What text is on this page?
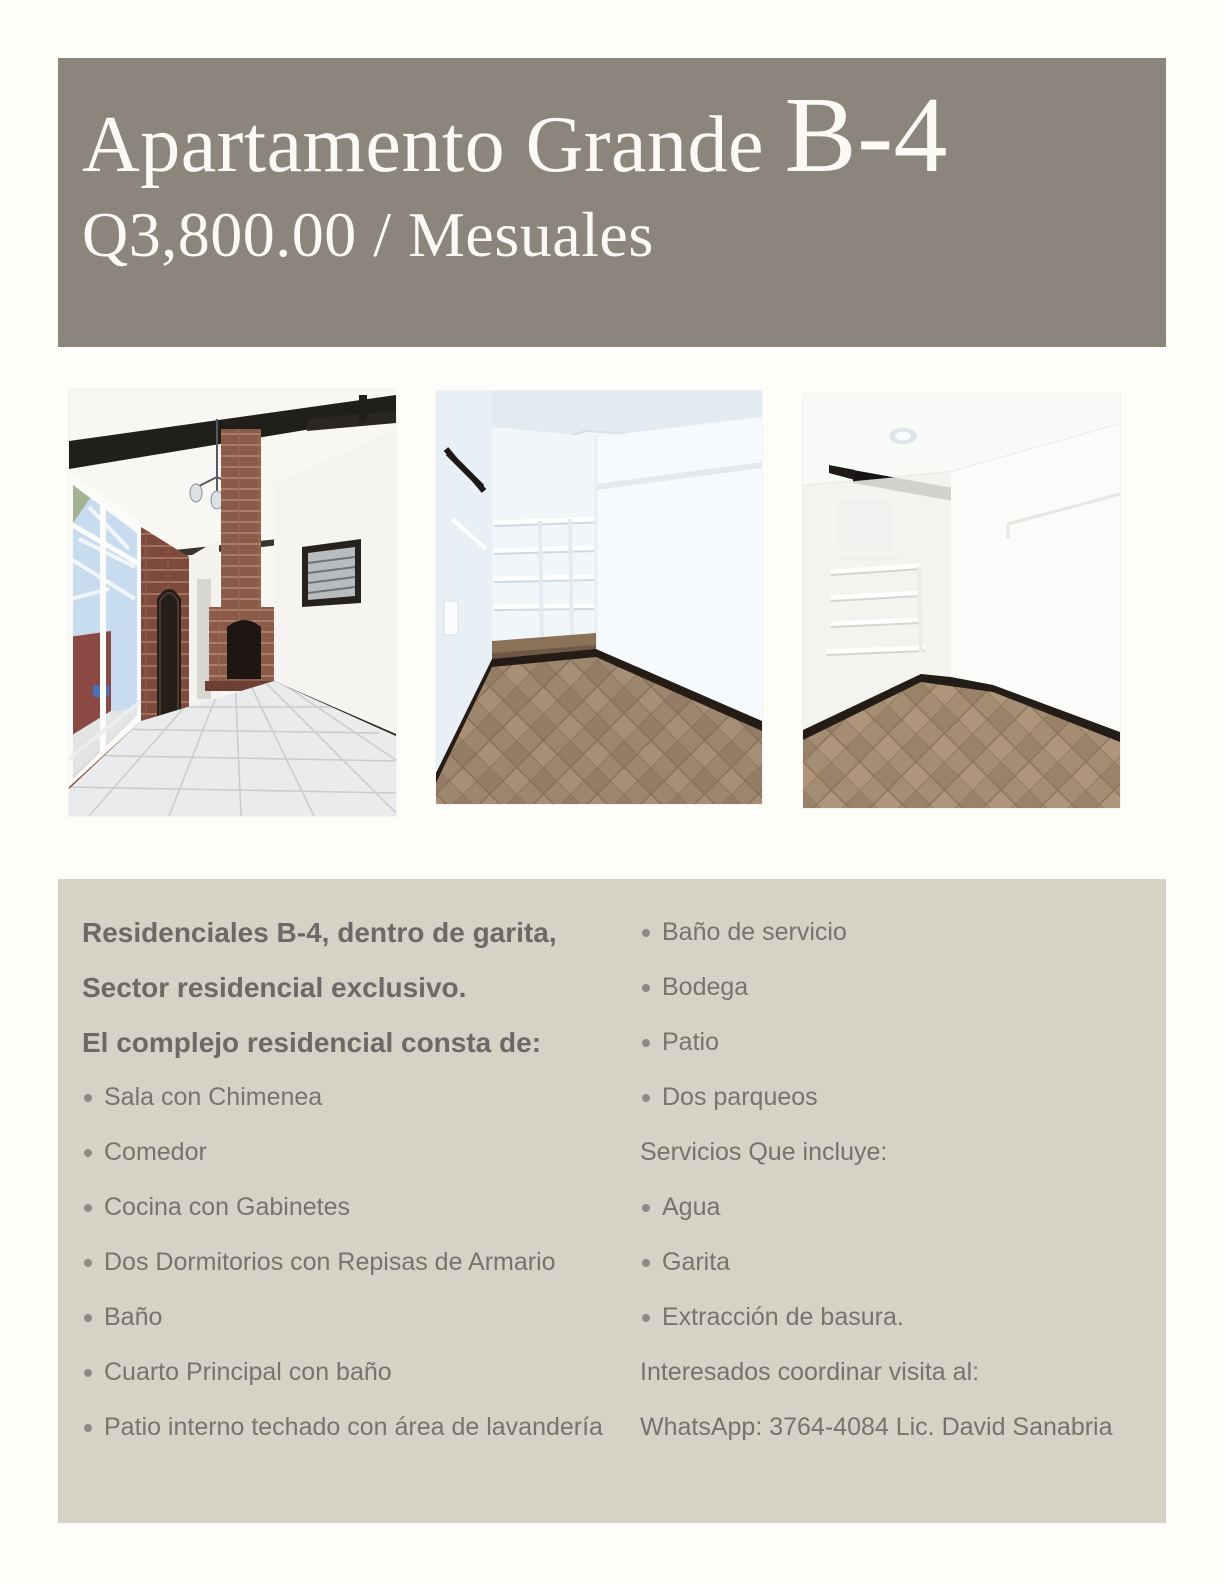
Apartamento Grande B-4
Q3,800.00 / Mesuales
Residenciales B-4, dentro de garita,
Sector residencial exclusivo.
El complejo residencial consta de:
Sala con Chimenea
Comedor
Cocina con Gabinetes
Dos Dormitorios con Repisas de Armario
Baño
Cuarto Principal con baño
Patio interno techado con área de lavandería
Baño de servicio
Bodega
Patio
Dos parqueos
Servicios Que incluye:
Agua
Garita
Extracción de basura.
Interesados coordinar visita al:
WhatsApp: 3764-4084 Lic. David Sanabria
